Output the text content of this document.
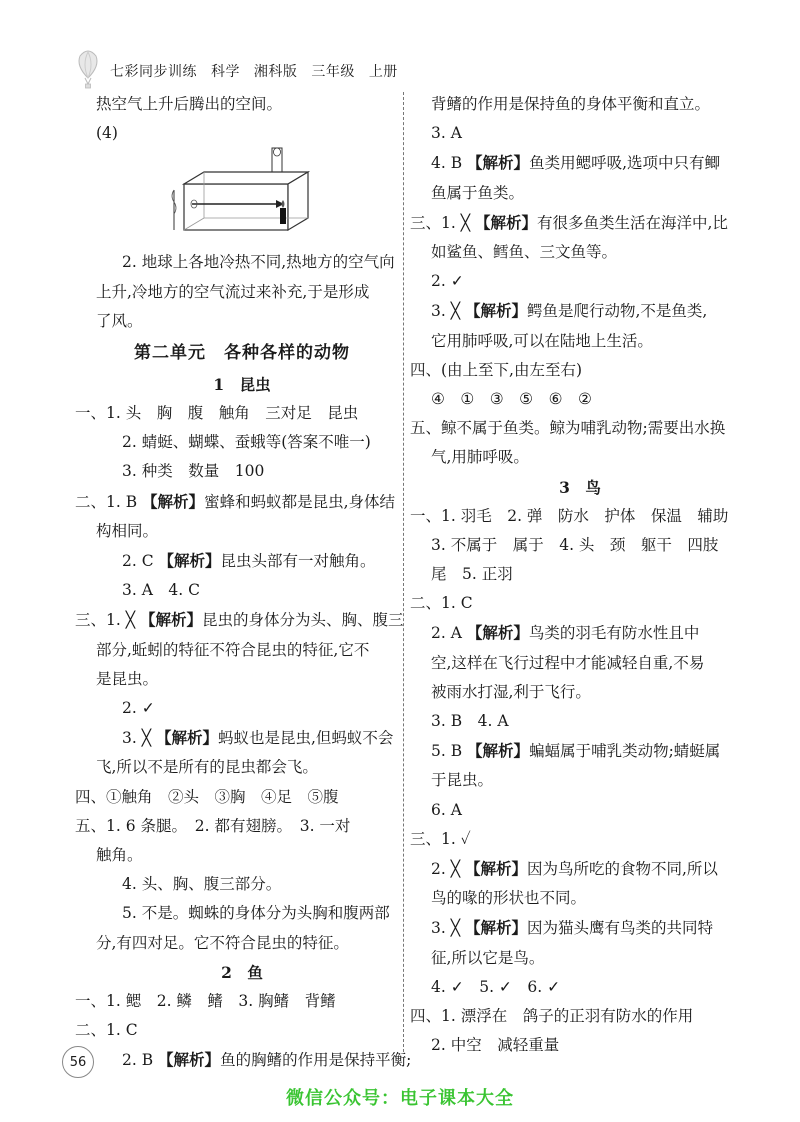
七彩同步训练 科学 湘科版 三年级 上册
热空气上升后腾出的空间。
(4)
2. 地球上各地冷热不同,热地方的空气向
上升,冷地方的空气流过来补充,于是形成
了风。
第二单元　各种各样的动物
1　昆虫
一、1. 头　胸　腹　触角　三对足　昆虫
2. 蜻蜓、蝴蝶、蚕蛾等(答案不唯一)
3. 种类　数量　100
二、1. B 【解析】蜜蜂和蚂蚁都是昆虫,身体结
构相同。
2. C 【解析】昆虫头部有一对触角。
3. A　4. C
三、1. ╳ 【解析】昆虫的身体分为头、胸、腹三
部分,蚯蚓的特征不符合昆虫的特征,它不
是昆虫。
2. ✓
3. ╳ 【解析】蚂蚁也是昆虫,但蚂蚁不会
飞,所以不是所有的昆虫都会飞。
四、①触角　②头　③胸　④足　⑤腹
五、1. 6 条腿。　2. 都有翅膀。　3. 一对
触角。
4. 头、胸、腹三部分。
5. 不是。蜘蛛的身体分为头胸和腹两部
分,有四对足。它不符合昆虫的特征。
2　鱼
一、1. 鳃　2. 鳞　鳍　3. 胸鳍　背鳍
二、1. C
2. B 【解析】鱼的胸鳍的作用是保持平衡;
背鳍的作用是保持鱼的身体平衡和直立。
3. A
4. B 【解析】鱼类用鳃呼吸,选项中只有鲫
鱼属于鱼类。
三、1. ╳ 【解析】有很多鱼类生活在海洋中,比
如鲨鱼、鳕鱼、三文鱼等。
2. ✓
3. ╳ 【解析】鳄鱼是爬行动物,不是鱼类,
它用肺呼吸,可以在陆地上生活。
四、(由上至下,由左至右)
④　①　③　⑤　⑥　②
五、鲸不属于鱼类。鲸为哺乳动物;需要出水换
气,用肺呼吸。
3　鸟
一、1. 羽毛　2. 弹　防水　护体　保温　辅助
3. 不属于　属于　4. 头　颈　躯干　四肢
尾　5. 正羽
二、1. C
2. A 【解析】鸟类的羽毛有防水性且中
空,这样在飞行过程中才能减轻自重,不易
被雨水打湿,利于飞行。
3. B　4. A
5. B 【解析】蝙蝠属于哺乳类动物;蜻蜓属
于昆虫。
6. A
三、1. ✓
2. ╳ 【解析】因为鸟所吃的食物不同,所以
鸟的喙的形状也不同。
3. ╳ 【解析】因为猫头鹰有鸟类的共同特
征,所以它是鸟。
4. ✓　5. ✓　6. ✓
四、1. 漂浮在　鸽子的正羽有防水的作用
2. 中空　减轻重量
56
微信公众号：电子课本大全
